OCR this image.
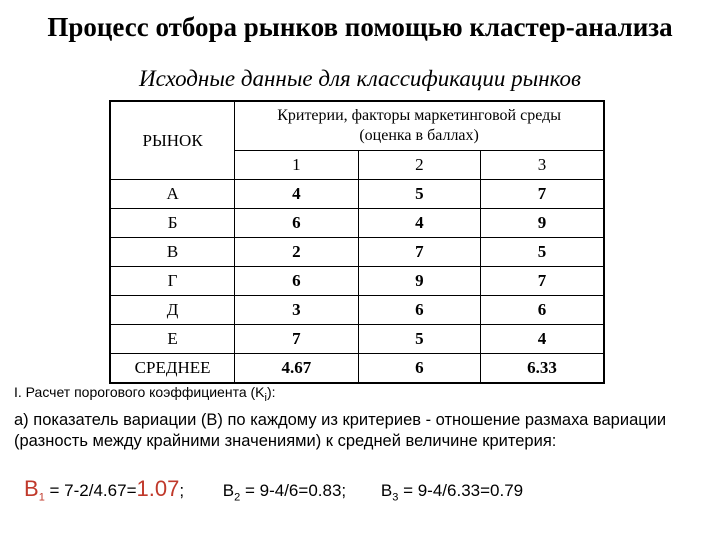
Процесс отбора рынков помощью кластер-анализа
Исходные данные для классификации рынков
РЫНОК	Критерии, факторы маркетинговой среды
(оценка в баллах)		
	1	2	3
А	4	5	7
Б	6	4	9
В	2	7	5
Г	6	9	7
Д	3	6	6
Е	7	5	4
СРЕДНЕЕ	4.67	6	6.33
I. Расчет порогового коэффициента $(K_i)$:
а) показатель вариации (В) по каждому из критериев - отношение размаха вариации (разность между крайними значениями) к средней величине критерия:
$B_1 = 7-2/4.67=1.07$; $B_2 = 9-4/6=0.83$; $B_3 = 9-4/6.33=0.79$
